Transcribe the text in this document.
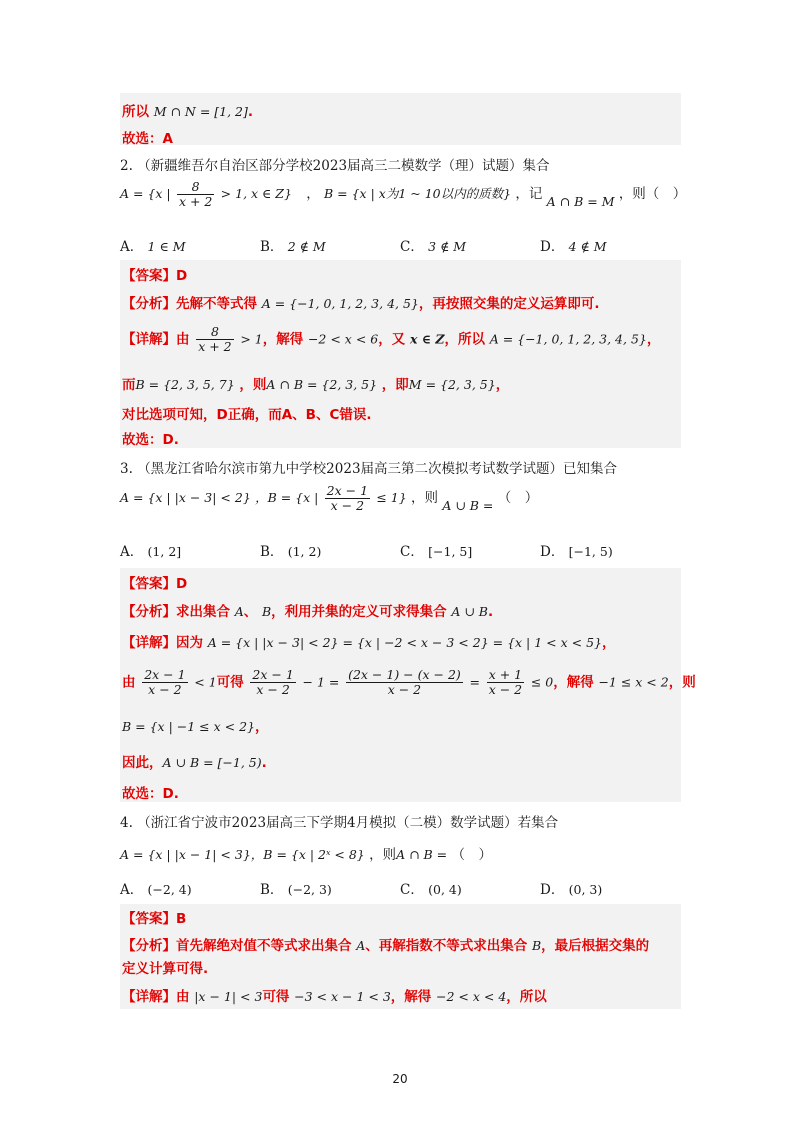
所以 M ∩ N = [1, 2].
故选：A
2. （新疆维吾尔自治区部分学校2023届高三二模数学（理）试题）集合
A = {x | $\frac{8}{x + 2} > 1$, x ∈ Z} ， B = {x | x为1 ~ 10以内的质数} ，记 A ∩ B = M ，则（　）
A． 1 ∈ M	B． 2 ∉ M	C． 3 ∉ M	D． 4 ∉ M
【答案】D
【分析】先解不等式得 A = {−1, 0, 1, 2, 3, 4, 5}，再按照交集的定义运算即可.
【详解】由 $\frac{8}{x + 2} > 1$，解得 −2 < x < 6，又 x ∈ Z，所以 A = {−1, 0, 1, 2, 3, 4, 5}，
而B = {2, 3, 5, 7} ，则A ∩ B = {2, 3, 5} ，即M = {2, 3, 5}，
对比选项可知，D正确，而A、B、C错误.
故选：D.
3. （黑龙江省哈尔滨市第九中学校2023届高三第二次模拟考试数学试题）已知集合
A = {x | |x − 3| < 2} ，B = {x | $\frac{2x - 1}{x - 2} \le 1$} ，则 A ∪ B = （　）
A． (1, 2]	B． (1, 2)	C． [−1, 5]	D． [−1, 5)
【答案】D
【分析】求出集合 A、 B，利用并集的定义可求得集合 A ∪ B.
【详解】因为 A = {x | |x − 3| < 2} = {x | −2 < x − 3 < 2} = {x | 1 < x < 5}，
由 $\frac{2x - 1}{x - 2} < 1$可得 $\frac{2x - 1}{x - 2} - 1 = \frac{(2x - 1) - (x - 2)}{x - 2} = \frac{x + 1}{x - 2} \le 0$，解得 −1 ≤ x < 2，则
B = {x | −1 ≤ x < 2}，
因此，A ∪ B = [−1, 5).
故选：D.
4. （浙江省宁波市2023届高三下学期4月模拟（二模）数学试题）若集合
A = {x | |x − 1| < 3}，B = {x | 2ˣ < 8} ，则A ∩ B = （　）
A． (−2, 4)	B． (−2, 3)	C． (0, 4)	D． (0, 3)
【答案】B
【分析】首先解绝对值不等式求出集合 A、再解指数不等式求出集合 B，最后根据交集的
定义计算可得.
【详解】由 |x − 1| < 3可得 −3 < x − 1 < 3，解得 −2 < x < 4，所以
20
